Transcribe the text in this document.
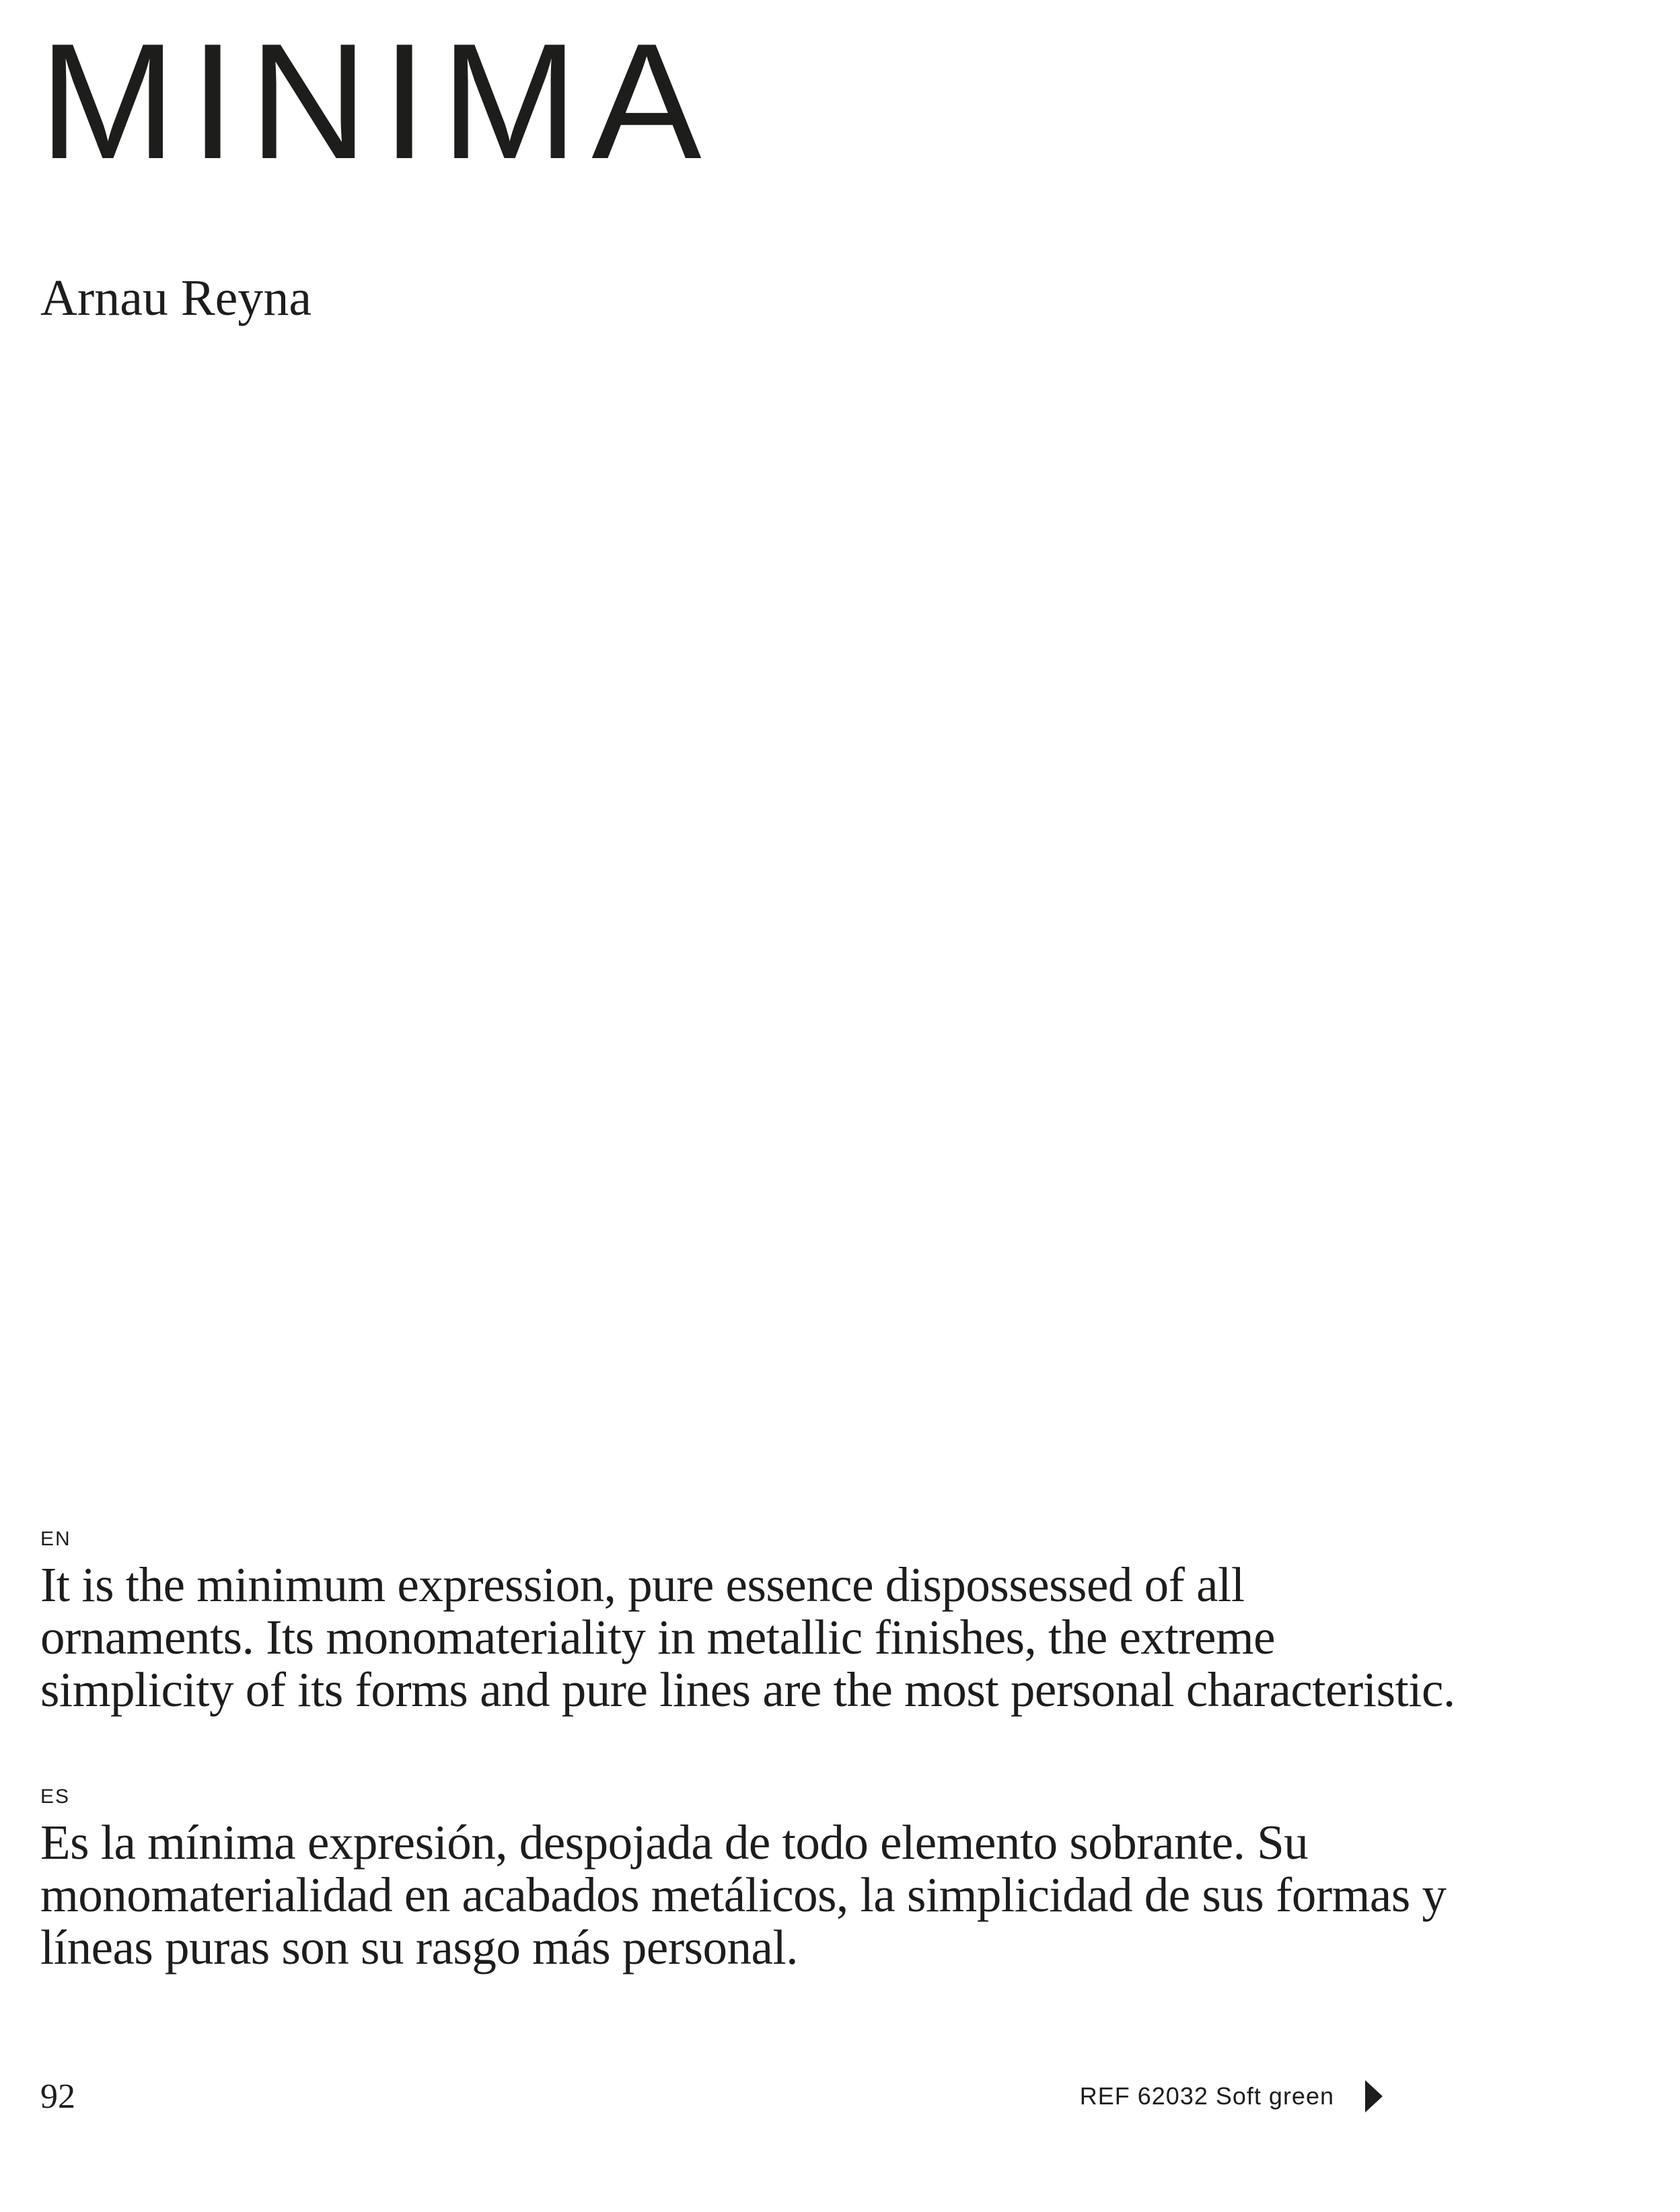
MINIMA
Arnau Reyna
EN

It is the minimum expression, pure essence dispossessed of all ornaments. Its monomateriality in metallic finishes, the extreme simplicity of its forms and pure lines are the most personal characteristic.

ES

Es la mínima expresión, despojada de todo elemento sobrante. Su monomaterialidad en acabados metálicos, la simplicidad de sus formas y líneas puras son su rasgo más personal.

92	REF 62032 Soft green
